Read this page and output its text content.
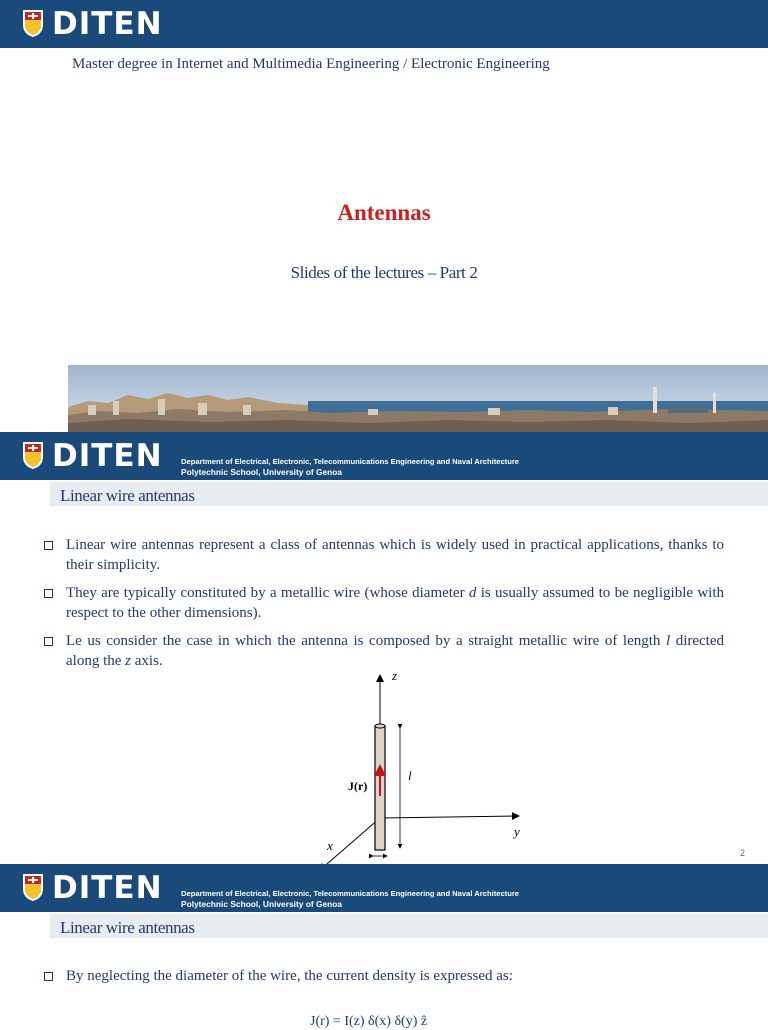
DITEN
Master degree in Internet and Multimedia Engineering / Electronic Engineering
Antennas
Slides of the lectures – Part 2
DITEN Department of Electrical, Electronic, Telecommunications Engineering and Naval Architecture
Polytechnic School, University of Genoa
Linear wire antennas
Linear wire antennas represent a class of antennas which is widely used in practical applications, thanks to their simplicity.
They are typically constituted by a metallic wire (whose diameter d is usually assumed to be negligible with respect to the other dimensions).
Le us consider the case in which the antenna is composed by a straight metallic wire of length l directed along the z axis.
z
l
J(r)
y
x	2
DITEN Department of Electrical, Electronic, Telecommunications Engineering and Naval Architecture
Polytechnic School, University of Genoa
Linear wire antennas
By neglecting the diameter of the wire, the current density is expressed as:
J(r) = I(z) δ(x) δ(y) ẑ
